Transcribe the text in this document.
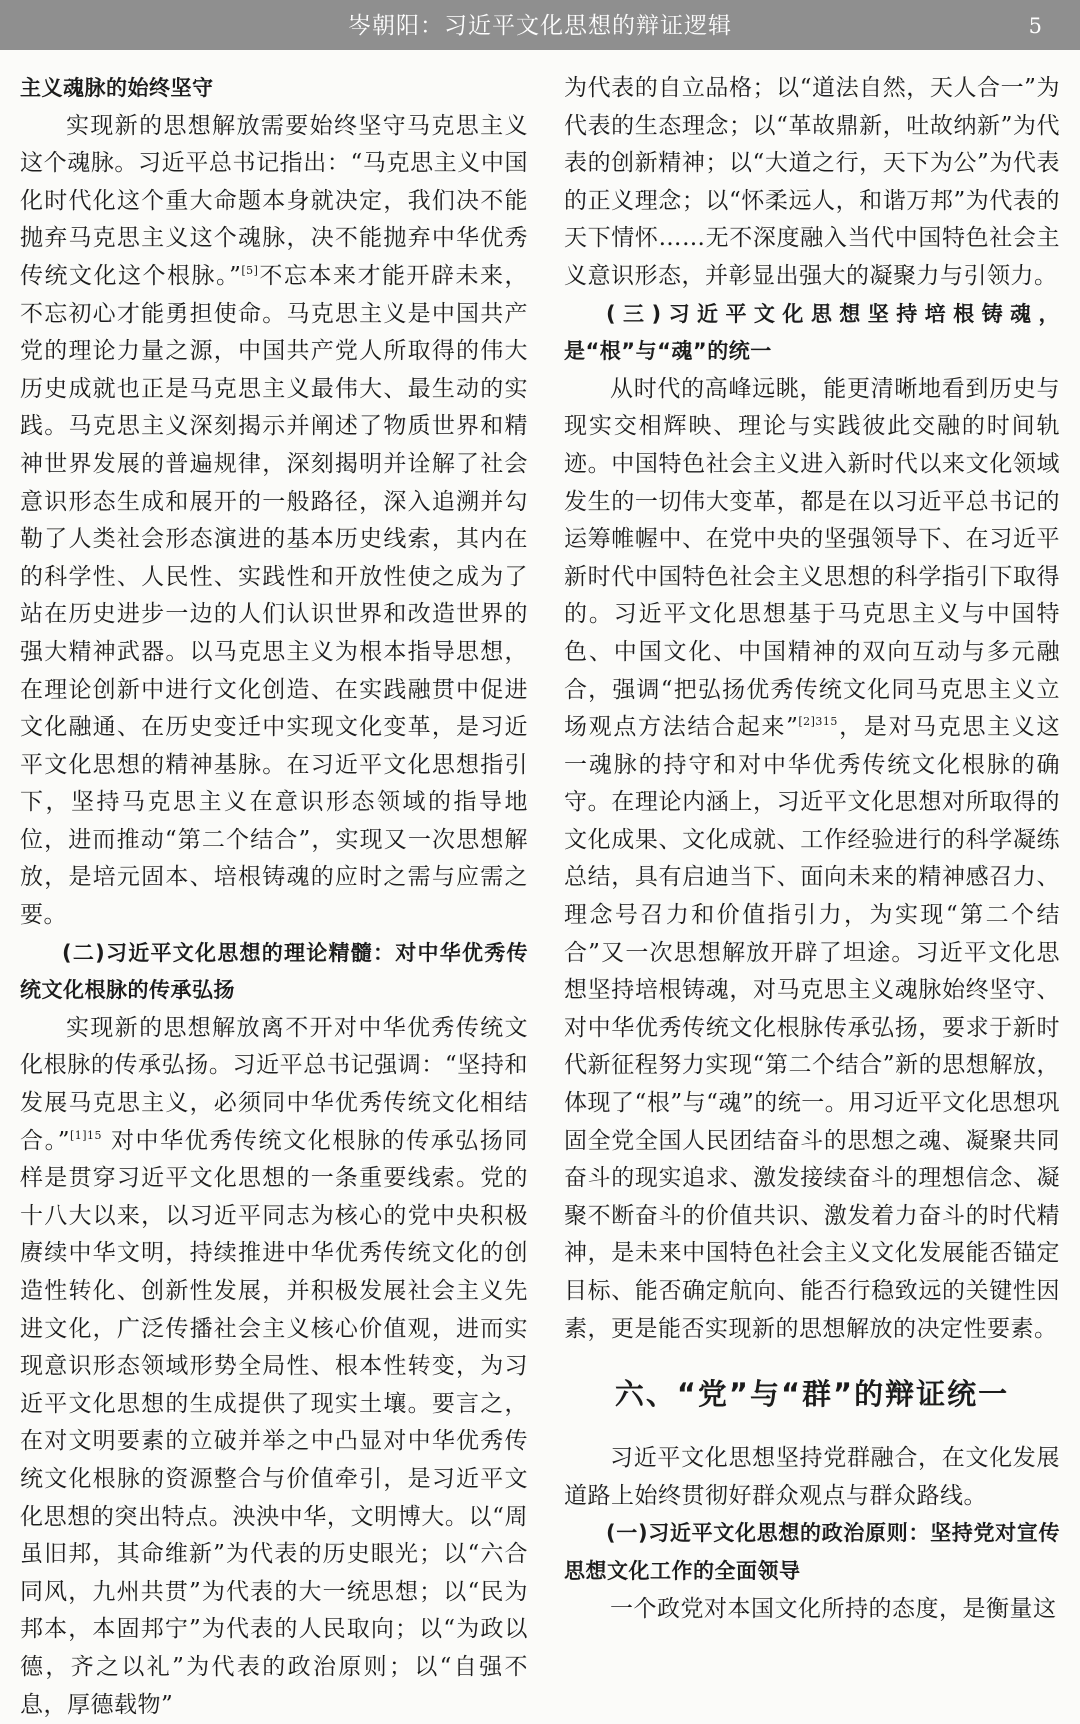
岑朝阳：习近平文化思想的辩证逻辑	5

主义魂脉的始终坚守

实现新的思想解放需要始终坚守马克思主义这个魂脉。习近平总书记指出：“马克思主义中国化时代化这个重大命题本身就决定，我们决不能抛弃马克思主义这个魂脉，决不能抛弃中华优秀传统文化这个根脉。”[5]不忘本来才能开辟未来，不忘初心才能勇担使命。马克思主义是中国共产党的理论力量之源，中国共产党人所取得的伟大历史成就也正是马克思主义最伟大、最生动的实践。马克思主义深刻揭示并阐述了物质世界和精神世界发展的普遍规律，深刻揭明并诠解了社会意识形态生成和展开的一般路径，深入追溯并勾勒了人类社会形态演进的基本历史线索，其内在的科学性、人民性、实践性和开放性使之成为了站在历史进步一边的人们认识世界和改造世界的强大精神武器。以马克思主义为根本指导思想，在理论创新中进行文化创造、在实践融贯中促进文化融通、在历史变迁中实现文化变革，是习近平文化思想的精神基脉。在习近平文化思想指引下，坚持马克思主义在意识形态领域的指导地位，进而推动“第二个结合”，实现又一次思想解放，是培元固本、培根铸魂的应时之需与应需之要。

(二)习近平文化思想的理论精髓：对中华优秀传统文化根脉的传承弘扬

实现新的思想解放离不开对中华优秀传统文化根脉的传承弘扬。习近平总书记强调：“坚持和发展马克思主义，必须同中华优秀传统文化相结合。”$^{[1]15}$ 对中华优秀传统文化根脉的传承弘扬同样是贯穿习近平文化思想的一条重要线索。党的十八大以来，以习近平同志为核心的党中央积极赓续中华文明，持续推进中华优秀传统文化的创造性转化、创新性发展，并积极发展社会主义先进文化，广泛传播社会主义核心价值观，进而实现意识形态领域形势全局性、根本性转变，为习近平文化思想的生成提供了现实土壤。要言之，在对文明要素的立破并举之中凸显对中华优秀传统文化根脉的资源整合与价值牵引，是习近平文化思想的突出特点。泱泱中华，文明博大。以“周虽旧邦，其命维新”为代表的历史眼光；以“六合同风，九州共贯”为代表的大一统思想；以“民为邦本，本固邦宁”为代表的人民取向；以“为政以德，齐之以礼”为代表的政治原则；以“自强不息，厚德载物”

为代表的自立品格；以“道法自然，天人合一”为代表的生态理念；以“革故鼎新，吐故纳新”为代表的创新精神；以“大道之行，天下为公”为代表的正义理念；以“怀柔远人，和谐万邦”为代表的天下情怀……无不深度融入当代中国特色社会主义意识形态，并彰显出强大的凝聚力与引领力。

(三)习近平文化思想坚持培根铸魂，是“根”与“魂”的统一

从时代的高峰远眺，能更清晰地看到历史与现实交相辉映、理论与实践彼此交融的时间轨迹。中国特色社会主义进入新时代以来文化领域发生的一切伟大变革，都是在以习近平总书记的运筹帷幄中、在党中央的坚强领导下、在习近平新时代中国特色社会主义思想的科学指引下取得的。习近平文化思想基于马克思主义与中国特色、中国文化、中国精神的双向互动与多元融合，强调“把弘扬优秀传统文化同马克思主义立场观点方法结合起来”$^{[2]315}$，是对马克思主义这一魂脉的持守和对中华优秀传统文化根脉的确守。在理论内涵上，习近平文化思想对所取得的文化成果、文化成就、工作经验进行的科学凝练总结，具有启迪当下、面向未来的精神感召力、理念号召力和价值指引力，为实现“第二个结合”又一次思想解放开辟了坦途。习近平文化思想坚持培根铸魂，对马克思主义魂脉始终坚守、对中华优秀传统文化根脉传承弘扬，要求于新时代新征程努力实现“第二个结合”新的思想解放，体现了“根”与“魂”的统一。用习近平文化思想巩固全党全国人民团结奋斗的思想之魂、凝聚共同奋斗的现实追求、激发接续奋斗的理想信念、凝聚不断奋斗的价值共识、激发着力奋斗的时代精神，是未来中国特色社会主义文化发展能否锚定目标、能否确定航向、能否行稳致远的关键性因素，更是能否实现新的思想解放的决定性要素。

六、“党”与“群”的辩证统一

习近平文化思想坚持党群融合，在文化发展道路上始终贯彻好群众观点与群众路线。

(一)习近平文化思想的政治原则：坚持党对宣传思想文化工作的全面领导

一个政党对本国文化所持的态度，是衡量这
